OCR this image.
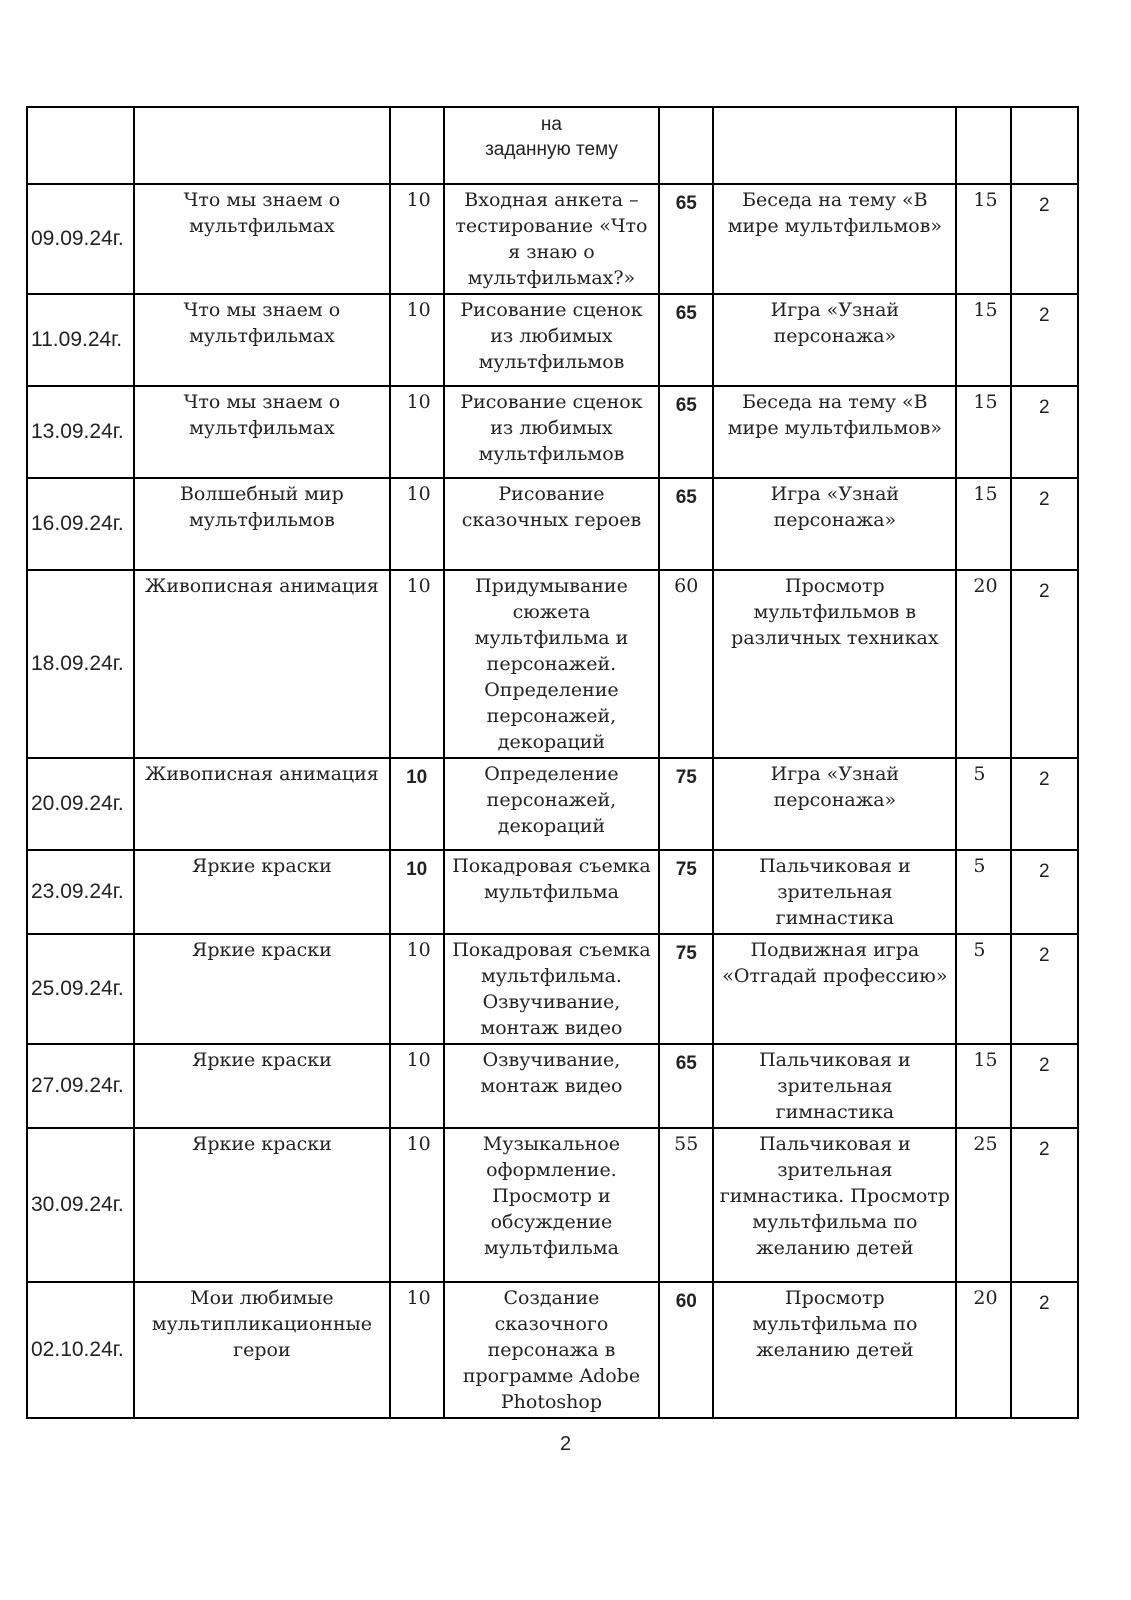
			на
заданную тему				
09.09.24г.	Что мы знаем о мультфильмах	10	Входная анкета – тестирование «Что я знаю о мультфильмах?»	65	Беседа на тему «В мире мультфильмов»	15	2
11.09.24г.	Что мы знаем о мультфильмах	10	Рисование сценок из любимых мультфильмов	65	Игра «Узнай персонажа»	15	2
13.09.24г.	Что мы знаем о мультфильмах	10	Рисование сценок из любимых мультфильмов	65	Беседа на тему «В мире мультфильмов»	15	2
16.09.24г.	Волшебный мир мультфильмов	10	Рисование сказочных героев	65	Игра «Узнай персонажа»	15	2
18.09.24г.	Живописная анимация	10	Придумывание сюжета мультфильма и персонажей. Определение персонажей, декораций	60	Просмотр мультфильмов в различных техниках	20	2
20.09.24г.	Живописная анимация	10	Определение персонажей, декораций	75	Игра «Узнай персонажа»	5	2
23.09.24г.	Яркие краски	10	Покадровая съемка мультфильма	75	Пальчиковая и зрительная гимнастика	5	2
25.09.24г.	Яркие краски	10	Покадровая съемка мультфильма. Озвучивание, монтаж видео	75	Подвижная игра «Отгадай профессию»	5	2
27.09.24г.	Яркие краски	10	Озвучивание, монтаж видео	65	Пальчиковая и зрительная гимнастика	15	2
30.09.24г.	Яркие краски	10	Музыкальное оформление. Просмотр и обсуждение мультфильма	55	Пальчиковая и зрительная гимнастика. Просмотр мультфильма по желанию детей	25	2
02.10.24г.	Мои любимые мультипликационные герои	10	Создание сказочного персонажа в программе Adobe Photoshop	60	Просмотр мультфильма по желанию детей	20	2
2
